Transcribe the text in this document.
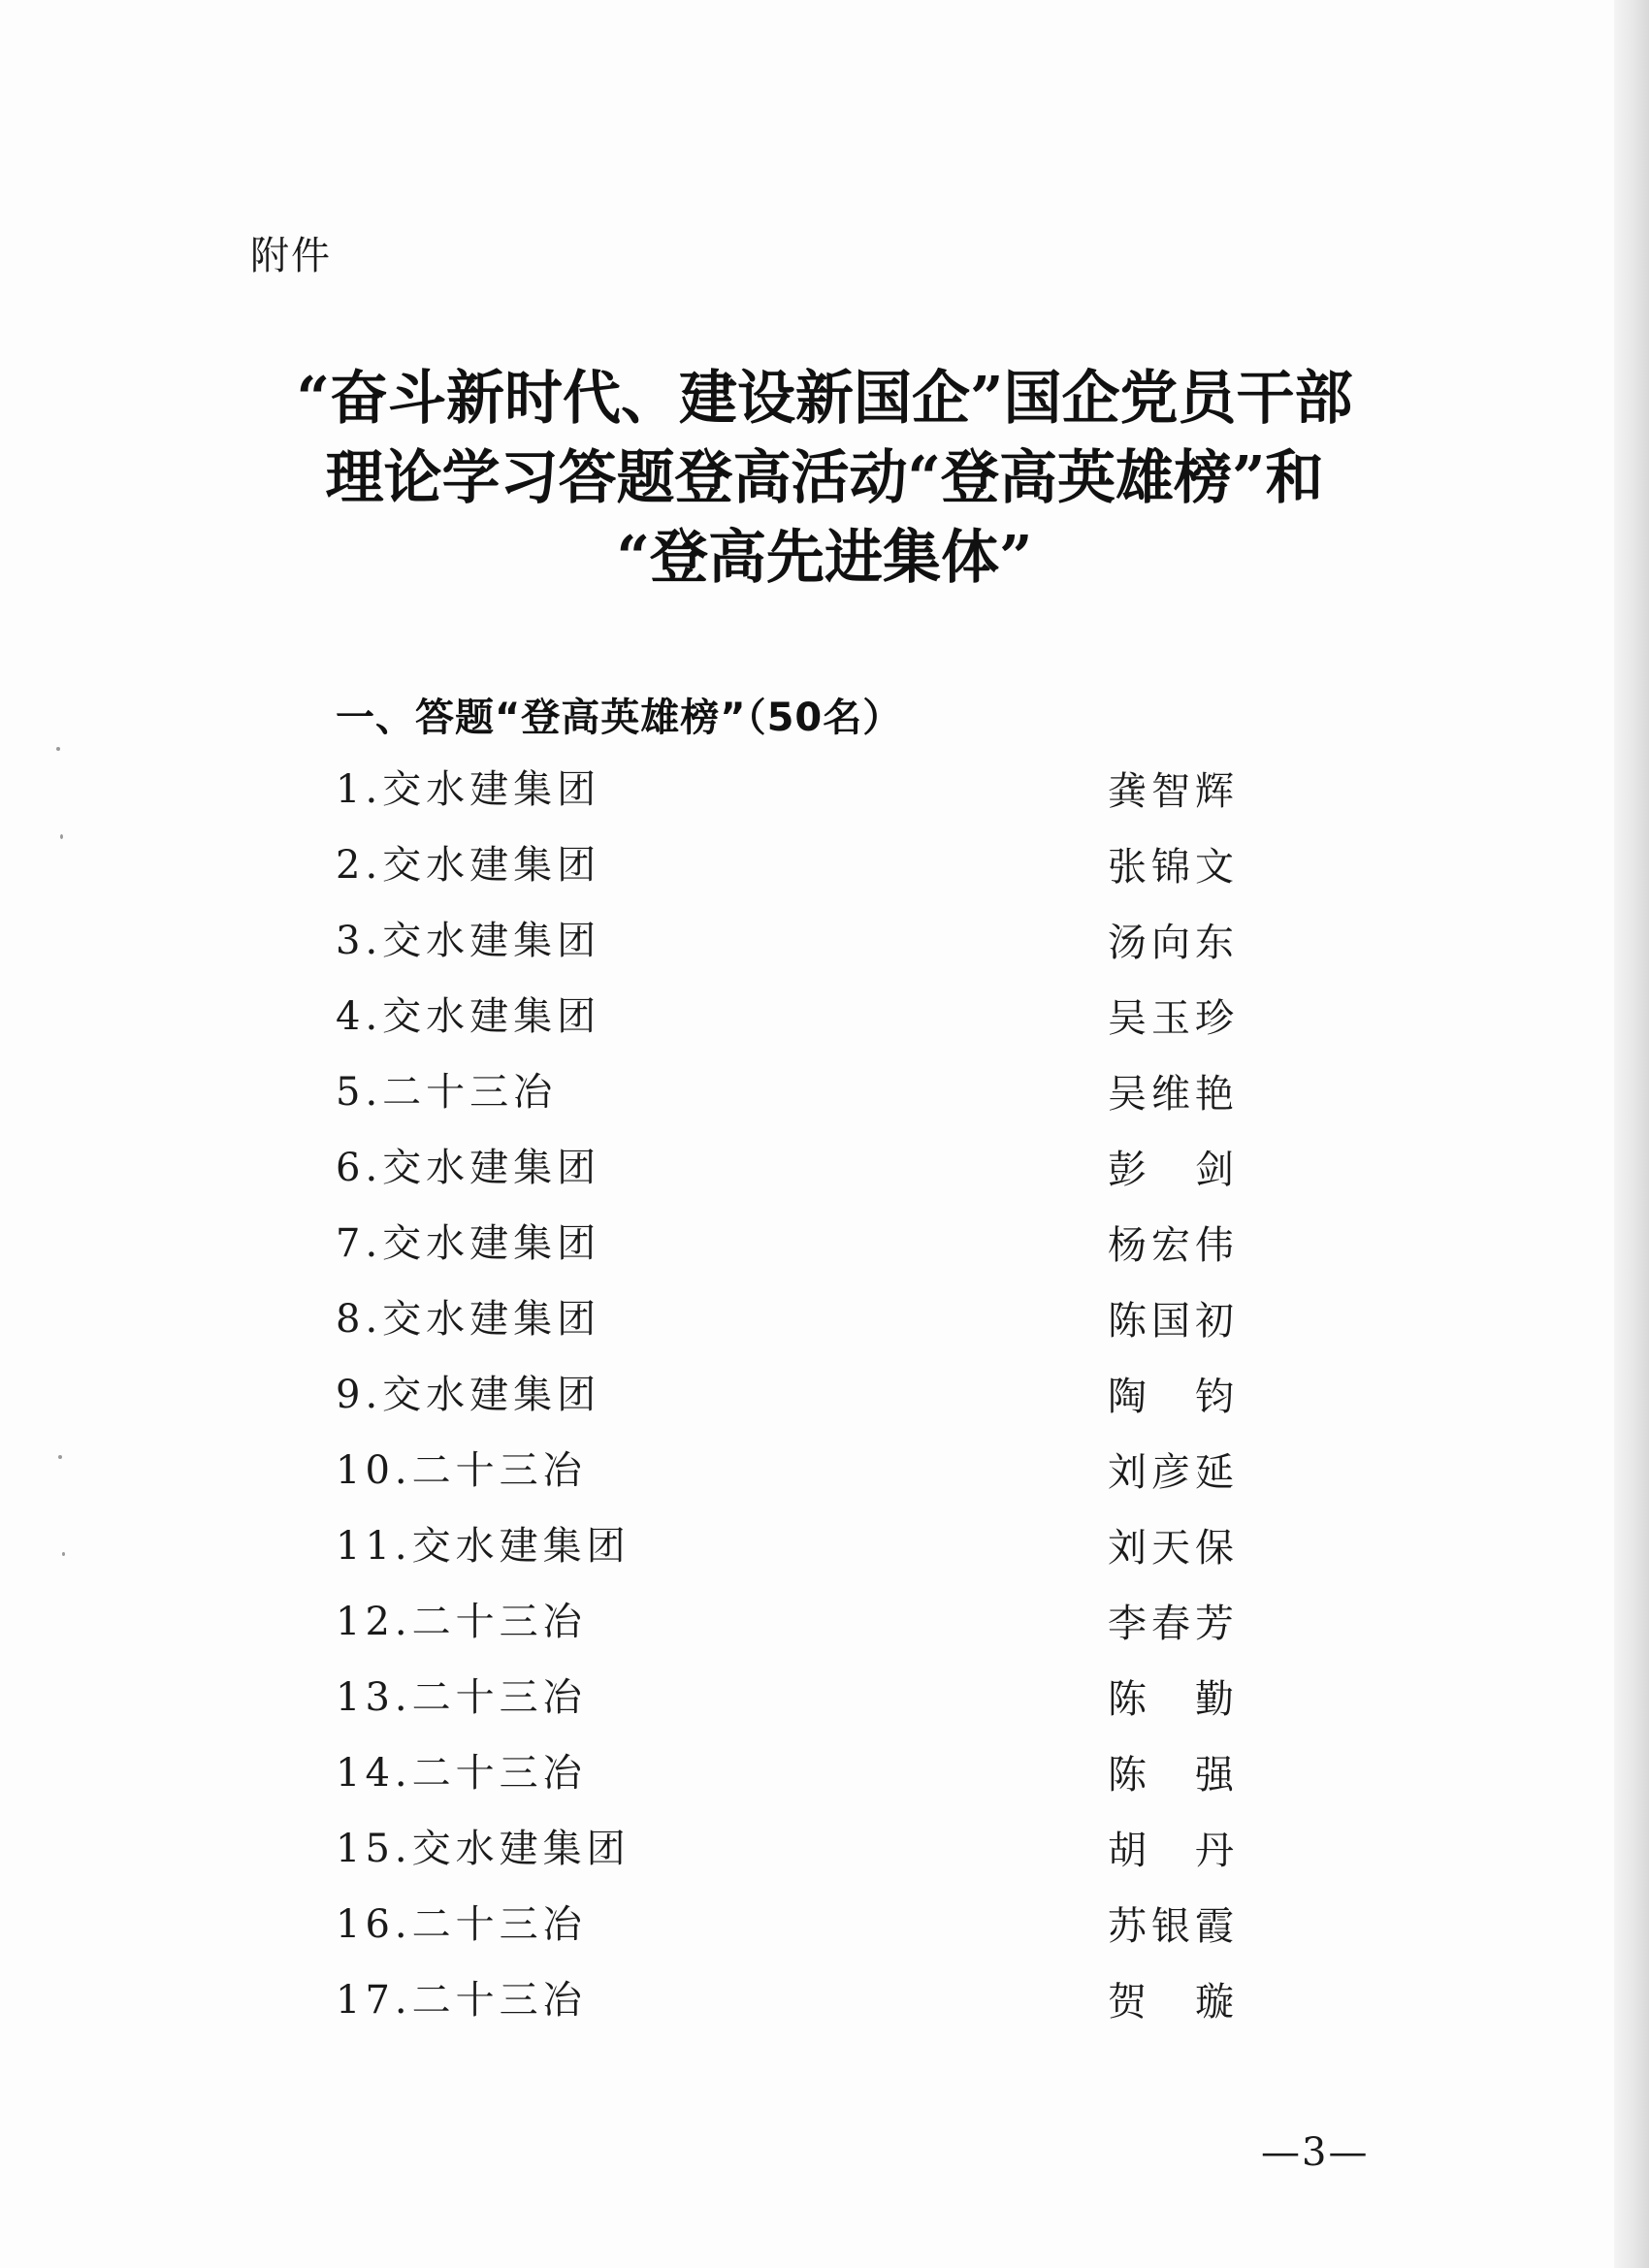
附件
“奋斗新时代、建设新国企”国企党员干部
理论学习答题登高活动“登高英雄榜”和
“登高先进集体”
一、答题“登高英雄榜”（50名）
1.交水建集团	龚智辉
2.交水建集团	张锦文
3.交水建集团	汤向东
4.交水建集团	吴玉珍
5.二十三冶	吴维艳
6.交水建集团	彭剑
7.交水建集团	杨宏伟
8.交水建集团	陈国初
9.交水建集团	陶钧
10.二十三冶	刘彦延
11.交水建集团	刘天保
12.二十三冶	李春芳
13.二十三冶	陈勤
14.二十三冶	陈强
15.交水建集团	胡丹
16.二十三冶	苏银霞
17.二十三冶	贺璇
—3—
